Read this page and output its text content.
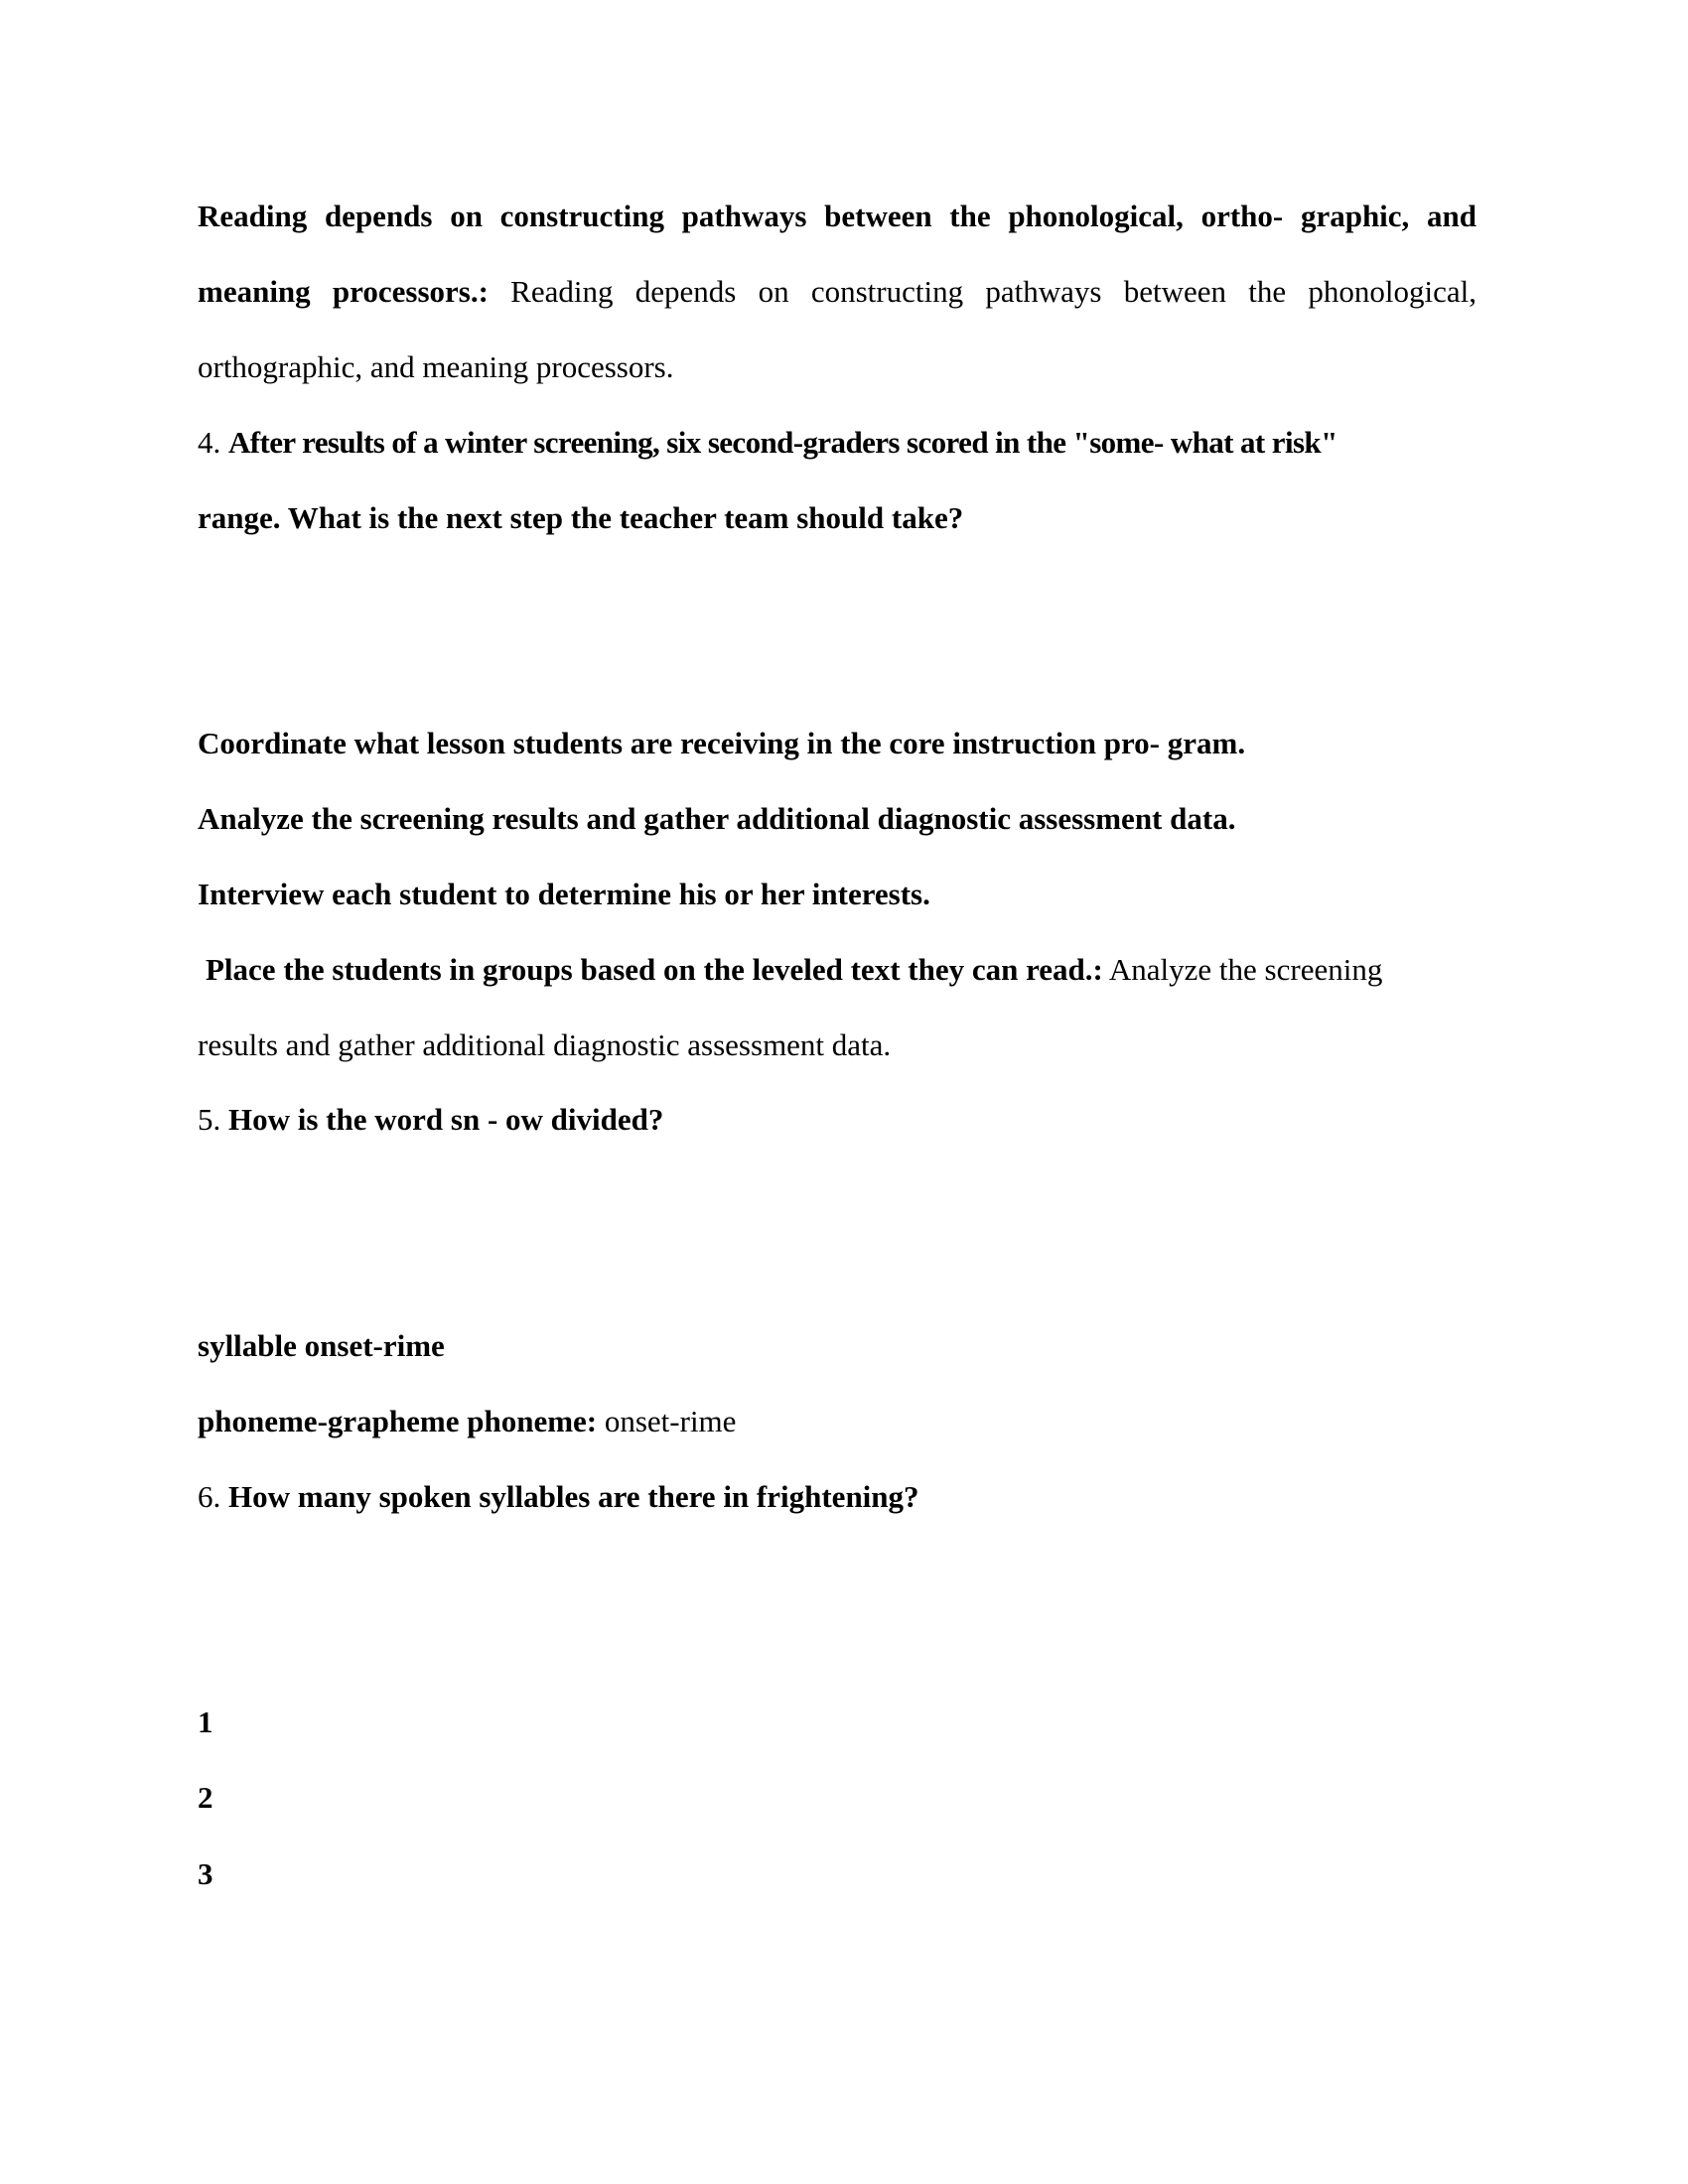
Reading depends on constructing pathways between the phonological, ortho- graphic, and
meaning processors.: Reading depends on constructing pathways between the phonological,
orthographic, and meaning processors.
4. After results of a winter screening, six second-graders scored in the "some- what at risk"
range. What is the next step the teacher team should take?
Coordinate what lesson students are receiving in the core instruction pro- gram.
Analyze the screening results and gather additional diagnostic assessment data.
Interview each student to determine his or her interests.
Place the students in groups based on the leveled text they can read.: Analyze the screening
results and gather additional diagnostic assessment data.
5. How is the word sn - ow divided?
syllable onset-rime
phoneme-grapheme phoneme: onset-rime
6. How many spoken syllables are there in frightening?
1
2
3
